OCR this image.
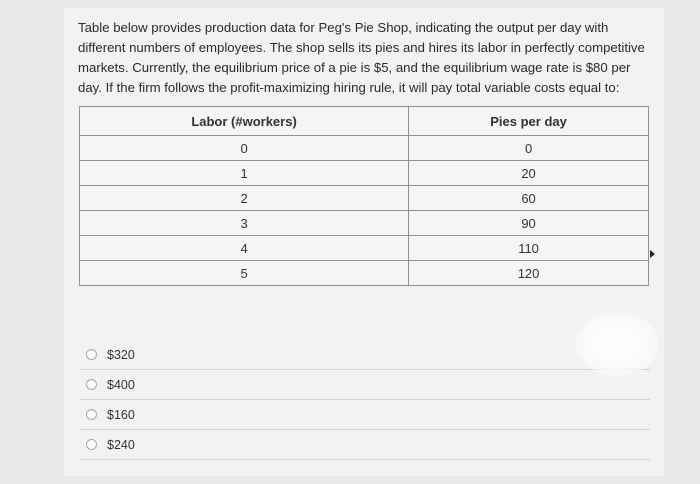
Table below provides production data for Peg's Pie Shop, indicating the output per day with different numbers of employees. The shop sells its pies and hires its labor in perfectly competitive markets. Currently, the equilibrium price of a pie is $5, and the equilibrium wage rate is $80 per day. If the firm follows the profit-maximizing hiring rule, it will pay total variable costs equal to:
Labor (#workers)	Pies per day
0	0
1	20
2	60
3	90
4	110
5	120
$320
$400
$160
$240
